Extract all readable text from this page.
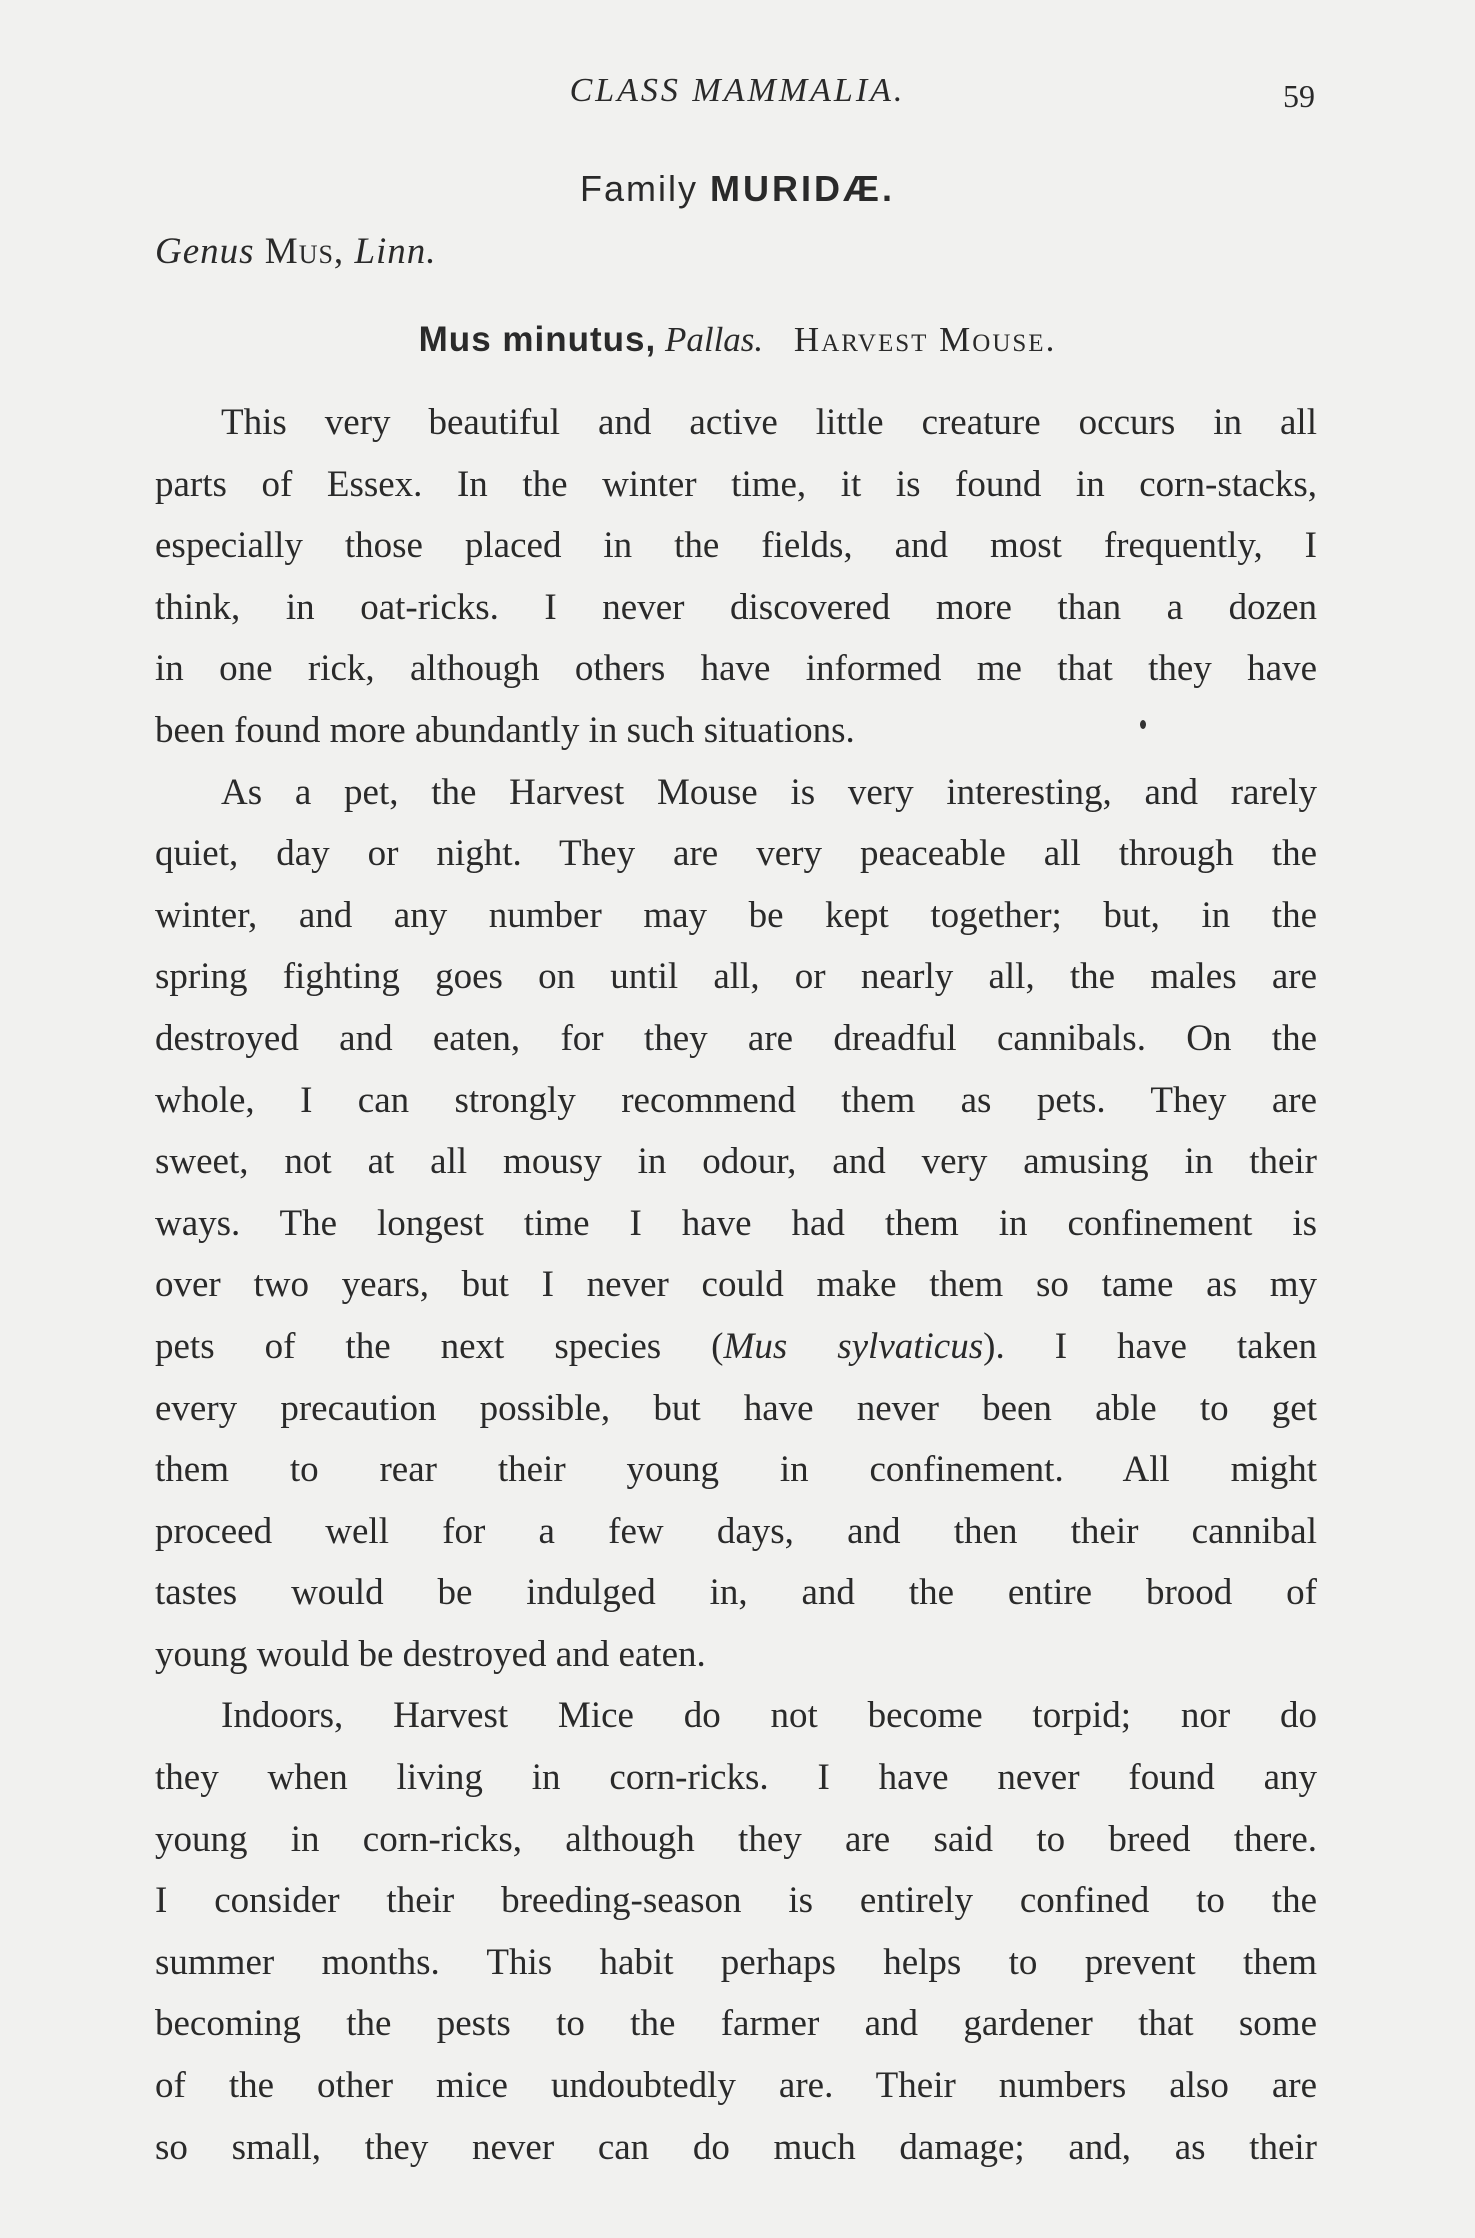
CLASS MAMMALIA.	59
Family MURIDÆ.
Genus Mus, Linn.
Mus minutus, Pallas. Harvest Mouse.
This very beautiful and active little creature occurs in all
parts of Essex. In the winter time, it is found in corn-stacks,
especially those placed in the fields, and most frequently, I
think, in oat-ricks. I never discovered more than a dozen
in one rick, although others have informed me that they have
been found more abundantly in such situations.
As a pet, the Harvest Mouse is very interesting, and rarely
quiet, day or night. They are very peaceable all through the
winter, and any number may be kept together; but, in the
spring fighting goes on until all, or nearly all, the males are
destroyed and eaten, for they are dreadful cannibals. On the
whole, I can strongly recommend them as pets. They are
sweet, not at all mousy in odour, and very amusing in their
ways. The longest time I have had them in confinement is
over two years, but I never could make them so tame as my
pets of the next species (Mus sylvaticus). I have taken
every precaution possible, but have never been able to get
them to rear their young in confinement. All might
proceed well for a few days, and then their cannibal
tastes would be indulged in, and the entire brood of
young would be destroyed and eaten.
Indoors, Harvest Mice do not become torpid; nor do
they when living in corn-ricks. I have never found any
young in corn-ricks, although they are said to breed there.
I consider their breeding-season is entirely confined to the
summer months. This habit perhaps helps to prevent them
becoming the pests to the farmer and gardener that some
of the other mice undoubtedly are. Their numbers also are
so small, they never can do much damage; and, as their
